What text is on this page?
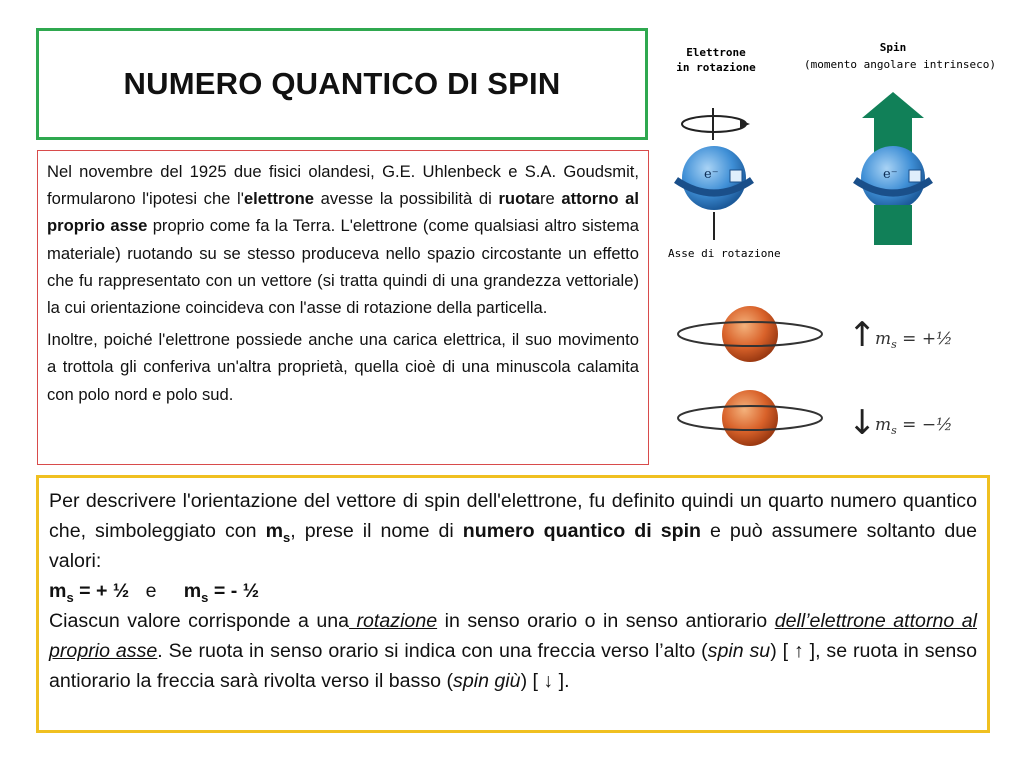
NUMERO QUANTICO DI SPIN

Nel novembre del 1925 due fisici olandesi, G.E. Uhlenbeck e S.A. Goudsmit, formularono l'ipotesi che l'elettrone avesse la possibilità di ruotare attorno al proprio asse proprio come fa la Terra. L'elettrone (come qualsiasi altro sistema materiale) ruotando su se stesso produceva nello spazio circostante un effetto che fu rappresentato con un vettore (si tratta quindi di una grandezza vettoriale) la cui orientazione coincideva con l'asse di rotazione della particella.

Inoltre, poiché l'elettrone possiede anche una carica elettrica, il suo movimento a trottola gli conferiva un'altra proprietà, quella cioè di una minuscola calamita con polo nord e polo sud.

Elettrone
in rotazione
Spin
(momento angolare intrinseco)
e⁻
Asse di rotazione
e⁻
↑
$m_s$ = +½
↓
$m_s$ = −½

Per descrivere l'orientazione del vettore di spin dell'elettrone, fu definito quindi un quarto numero quantico che, simboleggiato con $m_s$, prese il nome di numero quantico di spin e può assumere soltanto due valori:

$m_s$ = + ½ e $m_s$ = - ½

Ciascun valore corrisponde a una rotazione in senso orario o in senso antiorario dell’elettrone attorno al proprio asse. Se ruota in senso orario si indica con una freccia verso l’alto (spin su) [ ↑ ], se ruota in senso antiorario la freccia sarà rivolta verso il basso (spin giù) [ ↓ ].
